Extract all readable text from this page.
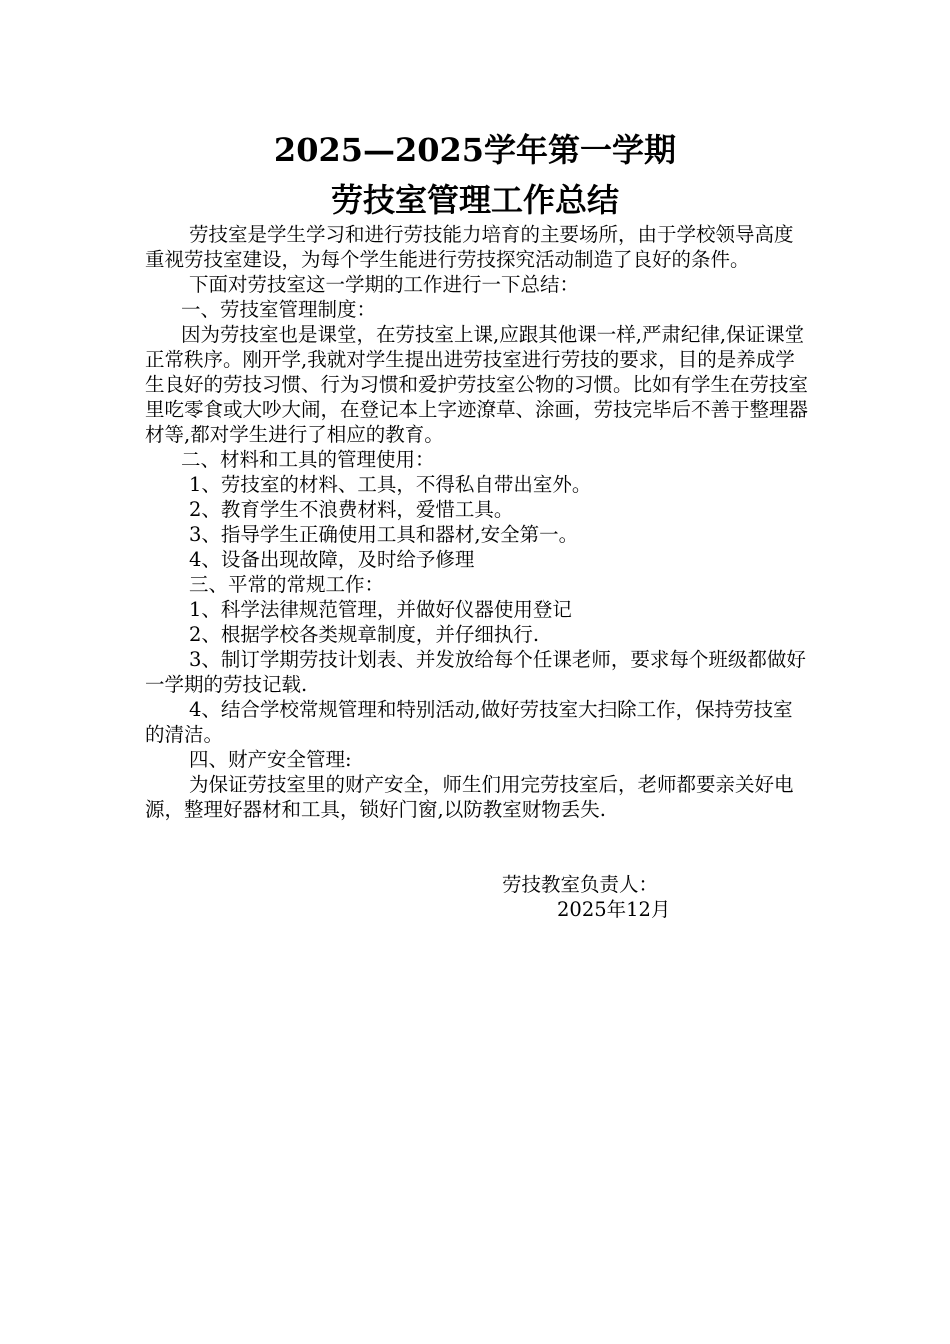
2025—2025学年第一学期
劳技室管理工作总结

劳技室是学生学习和进行劳技能力培育的主要场所，由于学校领导高度重视劳技室建设，为每个学生能进行劳技探究活动制造了良好的条件。

下面对劳技室这一学期的工作进行一下总结：

一、劳技室管理制度：

因为劳技室也是课堂，在劳技室上课,应跟其他课一样,严肃纪律,保证课堂正常秩序。刚开学,我就对学生提出进劳技室进行劳技的要求，目的是养成学生良好的劳技习惯、行为习惯和爱护劳技室公物的习惯。比如有学生在劳技室里吃零食或大吵大闹，在登记本上字迹潦草、涂画，劳技完毕后不善于整理器材等,都对学生进行了相应的教育。

二、材料和工具的管理使用：

1、劳技室的材料、工具，不得私自带出室外。

2、教育学生不浪费材料，爱惜工具。

3、指导学生正确使用工具和器材,安全第一。

4、设备出现故障，及时给予修理

三、平常的常规工作：

1、科学法律规范管理，并做好仪器使用登记

2、根据学校各类规章制度，并仔细执行.

3、制订学期劳技计划表、并发放给每个任课老师，要求每个班级都做好一学期的劳技记载.

4、结合学校常规管理和特别活动,做好劳技室大扫除工作，保持劳技室的清洁。

四、财产安全管理:

为保证劳技室里的财产安全，师生们用完劳技室后，老师都要亲关好电源，整理好器材和工具，锁好门窗,以防教室财物丢失.

劳技教室负责人：

2025年12月
